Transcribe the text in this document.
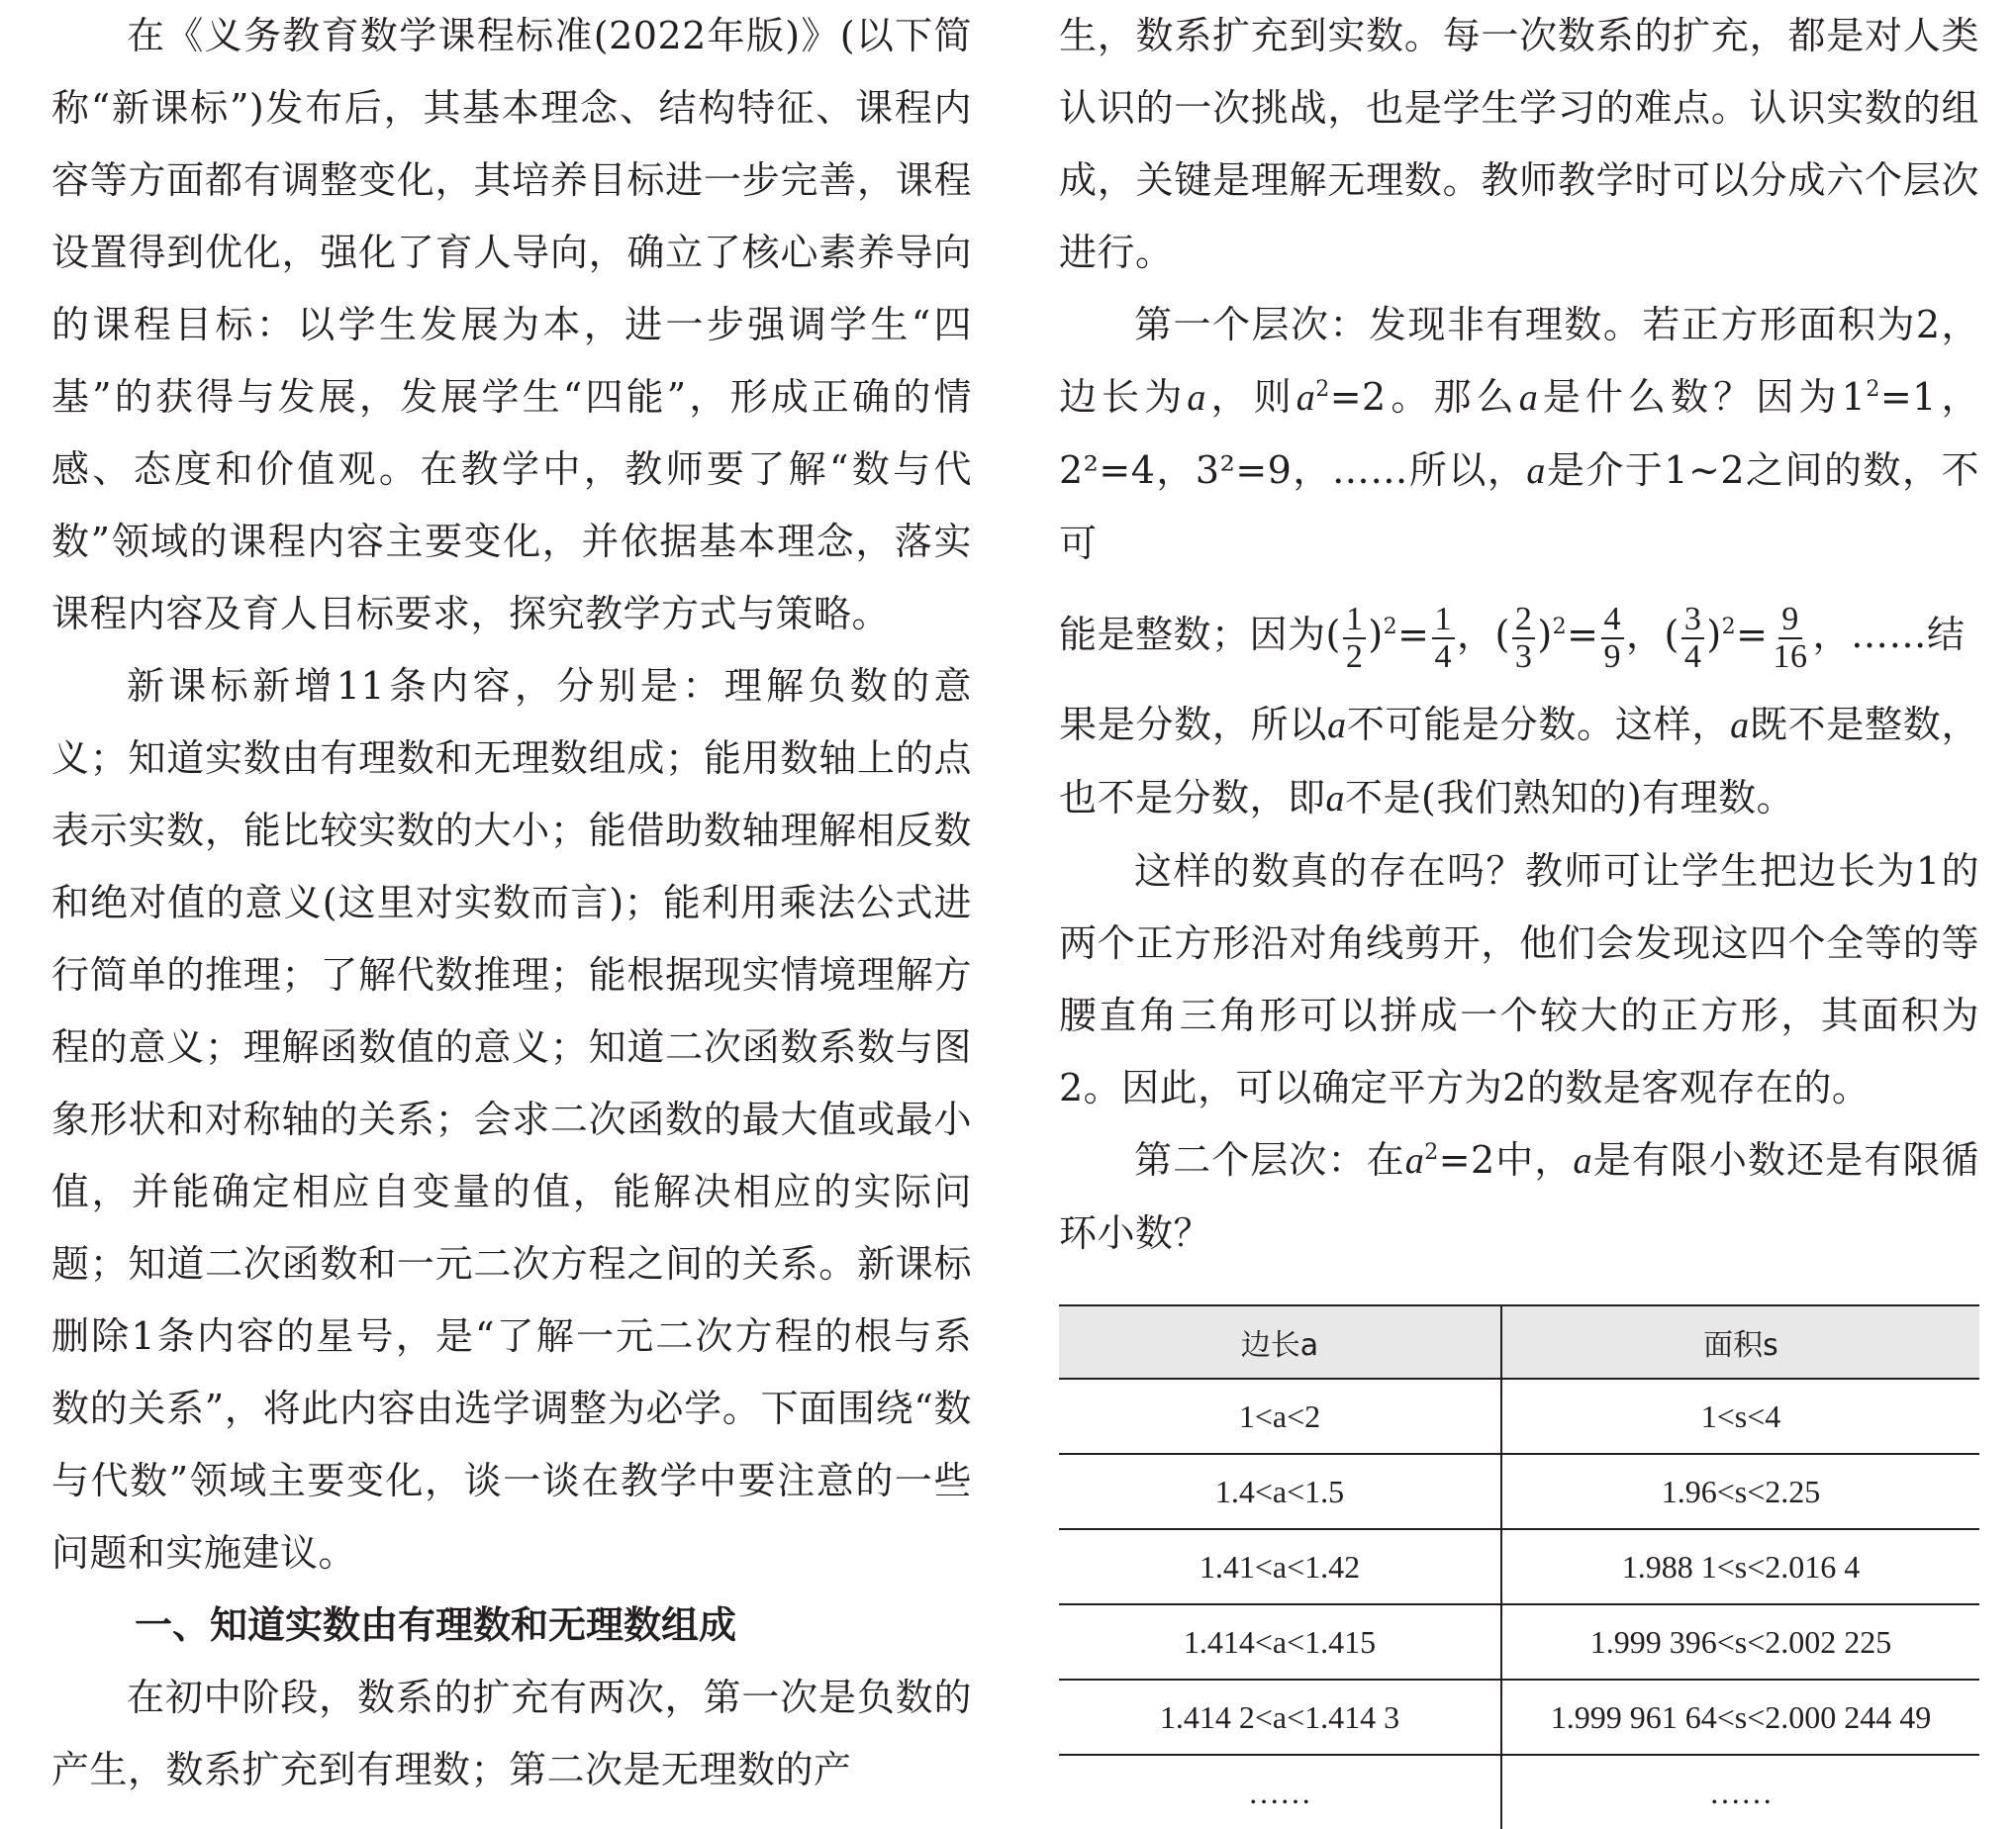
在《义务教育数学课程标准(2022年版)》(以下简称“新课标”)发布后，其基本理念、结构特征、课程内容等方面都有调整变化，其培养目标进一步完善，课程设置得到优化，强化了育人导向，确立了核心素养导向的课程目标：以学生发展为本，进一步强调学生“四基”的获得与发展，发展学生“四能”，形成正确的情感、态度和价值观。在教学中，教师要了解“数与代数”领域的课程内容主要变化，并依据基本理念，落实课程内容及育人目标要求，探究教学方式与策略。

新课标新增11条内容，分别是：理解负数的意义；知道实数由有理数和无理数组成；能用数轴上的点表示实数，能比较实数的大小；能借助数轴理解相反数和绝对值的意义(这里对实数而言)；能利用乘法公式进行简单的推理；了解代数推理；能根据现实情境理解方程的意义；理解函数值的意义；知道二次函数系数与图象形状和对称轴的关系；会求二次函数的最大值或最小值，并能确定相应自变量的值，能解决相应的实际问题；知道二次函数和一元二次方程之间的关系。新课标删除1条内容的星号，是“了解一元二次方程的根与系数的关系”，将此内容由选学调整为必学。下面围绕“数与代数”领域主要变化，谈一谈在教学中要注意的一些问题和实施建议。

一、知道实数由有理数和无理数组成

在初中阶段，数系的扩充有两次，第一次是负数的产生，数系扩充到有理数；第二次是无理数的产

生，数系扩充到实数。每一次数系的扩充，都是对人类认识的一次挑战，也是学生学习的难点。认识实数的组成，关键是理解无理数。教师教学时可以分成六个层次进行。

第一个层次：发现非有理数。若正方形面积为2，边长为a，则$a^2=2$。那么a是什么数？因为$1^2=1$， 2²=4，3²=9，……所以，a是介于1~2之间的数，不可

能是整数；因为( $\frac{1}{2} )^2= \frac{1}{4}$ ，( $\frac{2}{3} )^2= \frac{4}{9}$ ，( $\frac{3}{4} )^2= \frac{9}{16}$ ，……结

果是分数，所以a不可能是分数。这样，a既不是整数，也不是分数，即a不是(我们熟知的)有理数。

这样的数真的存在吗？教师可让学生把边长为1的两个正方形沿对角线剪开，他们会发现这四个全等的等腰直角三角形可以拼成一个较大的正方形，其面积为2。因此，可以确定平方为2的数是客观存在的。

第二个层次：在$a^2=2$中，a是有限小数还是有限循环小数？

边长a	面积s
1<a<2	1<s<4
1.4<a<1.5	1.96<s<2.25
1.41<a<1.42	1.988 1<s<2.016 4
1.414<a<1.415	1.999 396<s<2.002 225
1.414 2<a<1.414 3	1.999 961 64<s<2.000 244 49
……	……
